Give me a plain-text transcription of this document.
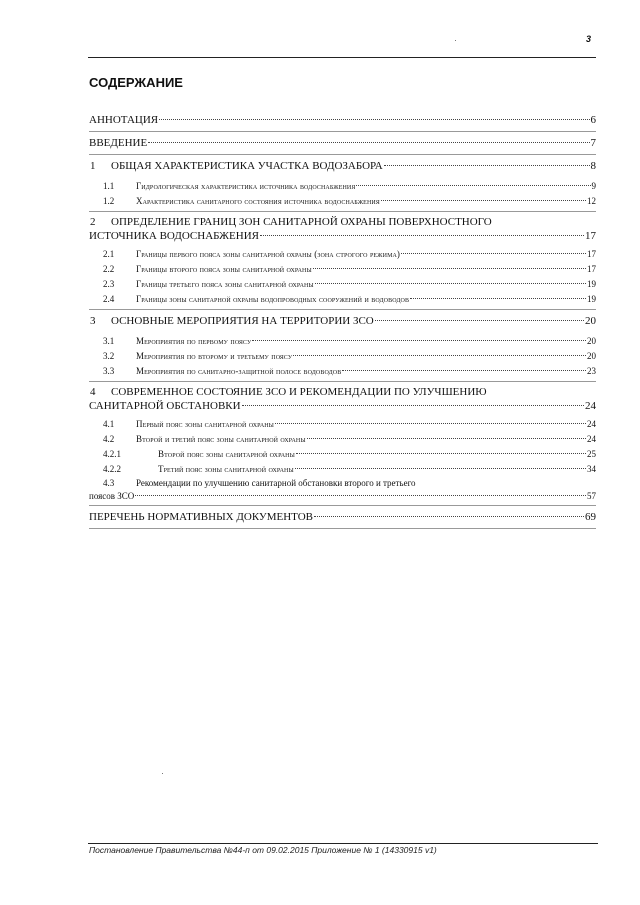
3
СОДЕРЖАНИЕ
АННОТАЦИЯ	6
ВВЕДЕНИЕ	7
1	ОБЩАЯ ХАРАКТЕРИСТИКА УЧАСТКА ВОДОЗАБОРА	8
1.1	Гидрологическая характеристика источника водоснабжения	9
1.2	Характеристика санитарного состояния источника водоснабжения	12
2	ОПРЕДЕЛЕНИЕ ГРАНИЦ ЗОН САНИТАРНОЙ ОХРАНЫ ПОВЕРХНОСТНОГО
ИСТОЧНИКА ВОДОСНАБЖЕНИЯ	17
2.1	Границы первого пояса зоны санитарной охраны (зона строгого режима)	17
2.2	Границы второго пояса зоны санитарной охраны	17
2.3	Границы третьего пояса зоны санитарной охраны	19
2.4	Границы зоны санитарной охраны водопроводных сооружений и водоводов	19
3	ОСНОВНЫЕ МЕРОПРИЯТИЯ НА ТЕРРИТОРИИ ЗСО	20
3.1	Мероприятия по первому поясу	20
3.2	Мероприятия по второму и третьему поясу	20
3.3	Мероприятия по санитарно-защитной полосе водоводов	23
4	СОВРЕМЕННОЕ СОСТОЯНИЕ ЗСО И РЕКОМЕНДАЦИИ ПО УЛУЧШЕНИЮ
САНИТАРНОЙ ОБСТАНОВКИ	24
4.1	Первый пояс зоны санитарной охраны	24
4.2	Второй и третий пояс зоны санитарной охраны	24
4.2.1	Второй пояс зоны санитарной охраны	25
4.2.2	Третий пояс зоны санитарной охраны	34
4.3	Рекомендации по улучшению санитарной обстановки второго и третьего
поясов ЗСО	57
ПЕРЕЧЕНЬ НОРМАТИВНЫХ ДОКУМЕНТОВ	69
Постановление Правительства №44-п от 09.02.2015 Приложение № 1 (14330915 v1)
